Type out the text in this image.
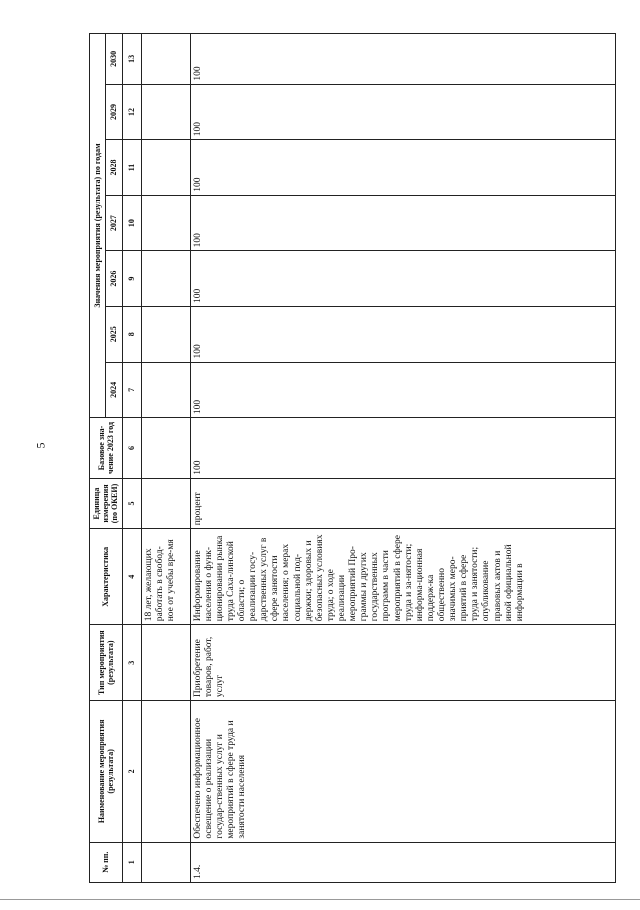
5
№ пп.	Наименование мероприятия (результата)	Тип мероприятия (результата)	Характеристика	Единица измерения (по ОКЕИ)	Базовое зна-чение 2023 год	Значения мероприятия (результата) по годам						
						2024	2025	2026	2027	2028	2029	2030
1	2	3	4	5	6	7	8	9	10	11	12	13
			18 лет, желающих работать в свобод-ное от учебы вре-мя									
1.4.	Обеспечено информационное освещение о реализации государ-ственных услуг и мероприятий в сфере труда и занятости населения	Приобретение товаров, работ, услуг	Информирование населения о функ-ционировании рынка труда Саха-линской области; о реализации госу-дарственных услуг в сфере занятости населения; о мерах социальной под-держки; здоровых и безопасных условиях труда; о ходе реализации мероприятий Про-граммы и других государственных программ в части мероприятий в сфере труда и за-нятости; информа-ционная поддерж-ка общественно значимых меро-приятий в сфере труда и занятости; опубликование правовых актов и иной официальной информации в	процент	100	100	100	100	100	100	100	100
